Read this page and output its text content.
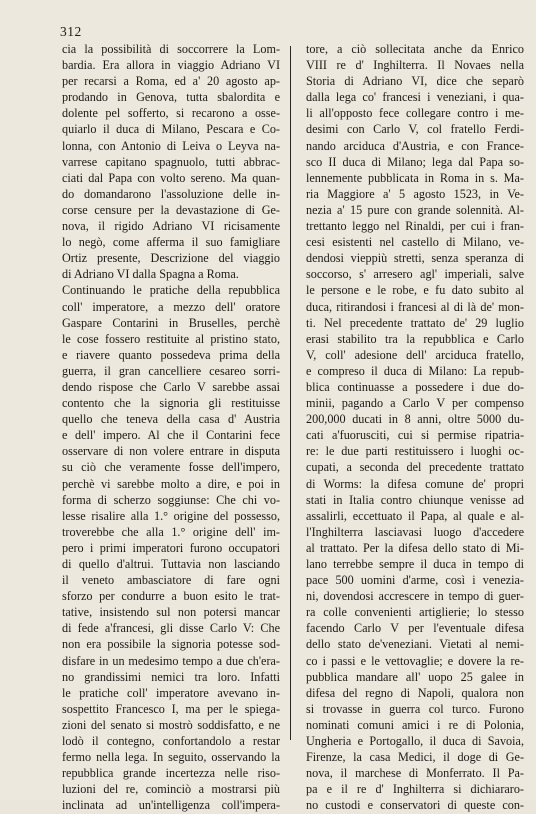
312
cia la possibilità di soccorrere la Lom-
bardia. Era allora in viaggio Adriano VI
per recarsi a Roma, ed a' 20 agosto ap-
prodando in Genova, tutta sbalordita e
dolente pel sofferto, si recarono a osse-
quiarlo il duca di Milano, Pescara e Co-
lonna, con Antonio di Leiva o Leyva na-
varrese capitano spagnuolo, tutti abbrac-
ciati dal Papa con volto sereno. Ma quan-
do domandarono l'assoluzione delle in-
corse censure per la devastazione di Ge-
nova, il rigido Adriano VI ricisamente
lo negò, come afferma il suo famigliare
Ortiz presente, Descrizione del viaggio
di Adriano VI dalla Spagna a Roma.
Continuando le pratiche della repubblica
coll' imperatore, a mezzo dell' oratore
Gaspare Contarini in Bruselles, perchè
le cose fossero restituite al pristino stato,
e riavere quanto possedeva prima della
guerra, il gran cancelliere cesareo sorri-
dendo rispose che Carlo V sarebbe assai
contento che la signoria gli restituisse
quello che teneva della casa d' Austria
e dell' impero. Al che il Contarini fece
osservare di non volere entrare in disputa
su ciò che veramente fosse dell'impero,
perchè vi sarebbe molto a dire, e poi in
forma di scherzo soggiunse: Che chi vo-
lesse risalire alla 1.° origine del possesso,
troverebbe che alla 1.° origine dell' im-
pero i primi imperatori furono occupatori
di quello d'altrui. Tuttavia non lasciando
il veneto ambasciatore di fare ogni
sforzo per condurre a buon esito le trat-
tative, insistendo sul non potersi mancar
di fede a'francesi, gli disse Carlo V: Che
non era possibile la signoria potesse sod-
disfare in un medesimo tempo a due ch'era-
no grandissimi nemici tra loro. Infatti
le pratiche coll' imperatore avevano in-
sospettito Francesco I, ma per le spiega-
zioni del senato si mostrò soddisfatto, e ne
lodò il contegno, confortandolo a restar
fermo nella lega. In seguito, osservando la
repubblica grande incertezza nelle riso-
luzioni del re, cominciò a mostrarsi più
inclinata ad un'intelligenza coll'impera-
tore, a ciò sollecitata anche da Enrico
VIII re d' Inghilterra. Il Novaes nella
Storia di Adriano VI, dice che separò
dalla lega co' francesi i veneziani, i qua-
li all'opposto fece collegare contro i me-
desimi con Carlo V, col fratello Ferdi-
nando arciduca d'Austria, e con France-
sco II duca di Milano; lega dal Papa so-
lennemente pubblicata in Roma in s. Ma-
ria Maggiore a' 5 agosto 1523, in Ve-
nezia a' 15 pure con grande solennità. Al-
trettanto leggo nel Rinaldi, per cui i fran-
cesi esistenti nel castello di Milano, ve-
dendosi vieppiù stretti, senza speranza di
soccorso, s' arresero agl' imperiali, salve
le persone e le robe, e fu dato subito al
duca, ritirandosi i francesi al di là de' mon-
ti. Nel precedente trattato de' 29 luglio
erasi stabilito tra la repubblica e Carlo
V, coll' adesione dell' arciduca fratello,
e compreso il duca di Milano: La repub-
blica continuasse a possedere i due do-
minii, pagando a Carlo V per compenso
200,000 ducati in 8 anni, oltre 5000 du-
cati a'fuorusciti, cui si permise ripatria-
re: le due parti restituissero i luoghi oc-
cupati, a seconda del precedente trattato
di Worms: la difesa comune de' propri
stati in Italia contro chiunque venisse ad
assalirli, eccettuato il Papa, al quale e al-
l'Inghilterra lasciavasi luogo d'accedere
al trattato. Per la difesa dello stato di Mi-
lano terrebbe sempre il duca in tempo di
pace 500 uomini d'arme, così i venezia-
ni, dovendosi accrescere in tempo di guer-
ra colle convenienti artiglierie; lo stesso
facendo Carlo V per l'eventuale difesa
dello stato de'veneziani. Vietati al nemi-
co i passi e le vettovaglie; e dovere la re-
pubblica mandare all' uopo 25 galee in
difesa del regno di Napoli, qualora non
si trovasse in guerra col turco. Furono
nominati comuni amici i re di Polonia,
Ungheria e Portogallo, il duca di Savoia,
Firenze, la casa Medici, il doge di Ge-
nova, il marchese di Monferrato. Il Pa-
pa e il re d' Inghilterra si dichiararo-
no custodi e conservatori di queste con-
